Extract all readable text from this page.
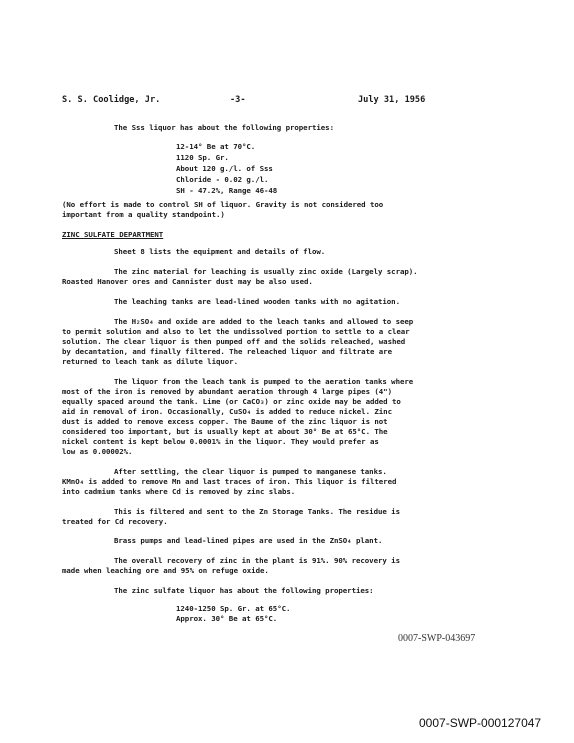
S. S. Coolidge, Jr.	-3-	July 31, 1956
The Sss liquor has about the following properties:
12-14° Be at 70°C.
1120 Sp. Gr.
About 120 g./l. of Sss
Chloride - 0.02 g./l.
SH - 47.2%, Range 46-48
(No effort is made to control SH of liquor. Gravity is not considered too
important from a quality standpoint.)
ZINC SULFATE DEPARTMENT
Sheet 8 lists the equipment and details of flow.
The zinc material for leaching is usually zinc oxide (Largely scrap).
Roasted Hanover ores and Cannister dust may be also used.
The leaching tanks are lead-lined wooden tanks with no agitation.
The H₂SO₄ and oxide are added to the leach tanks and allowed to seep
to permit solution and also to let the undissolved portion to settle to a clear
solution. The clear liquor is then pumped off and the solids releached, washed
by decantation, and finally filtered. The releached liquor and filtrate are
returned to leach tank as dilute liquor.
The liquor from the leach tank is pumped to the aeration tanks where
most of the iron is removed by abundant aeration through 4 large pipes (4")
equally spaced around the tank. Lime (or CaCO₃) or zinc oxide may be added to
aid in removal of iron. Occasionally, CuSO₄ is added to reduce nickel. Zinc
dust is added to remove excess copper. The Baume of the zinc liquor is not
considered too important, but is usually kept at about 30° Be at 65°C. The
nickel content is kept below 0.0001% in the liquor. They would prefer as
low as 0.00002%.
After settling, the clear liquor is pumped to manganese tanks.
KMnO₄ is added to remove Mn and last traces of iron. This liquor is filtered
into cadmium tanks where Cd is removed by zinc slabs.
This is filtered and sent to the Zn Storage Tanks. The residue is
treated for Cd recovery.
Brass pumps and lead-lined pipes are used in the ZnSO₄ plant.
The overall recovery of zinc in the plant is 91%. 90% recovery is
made when leaching ore and 95% on refuge oxide.
The zinc sulfate liquor has about the following properties:
1240-1250 Sp. Gr. at 65°C.
Approx. 30° Be at 65°C.
0007-SWP-043697
0007-SWP-000127047
